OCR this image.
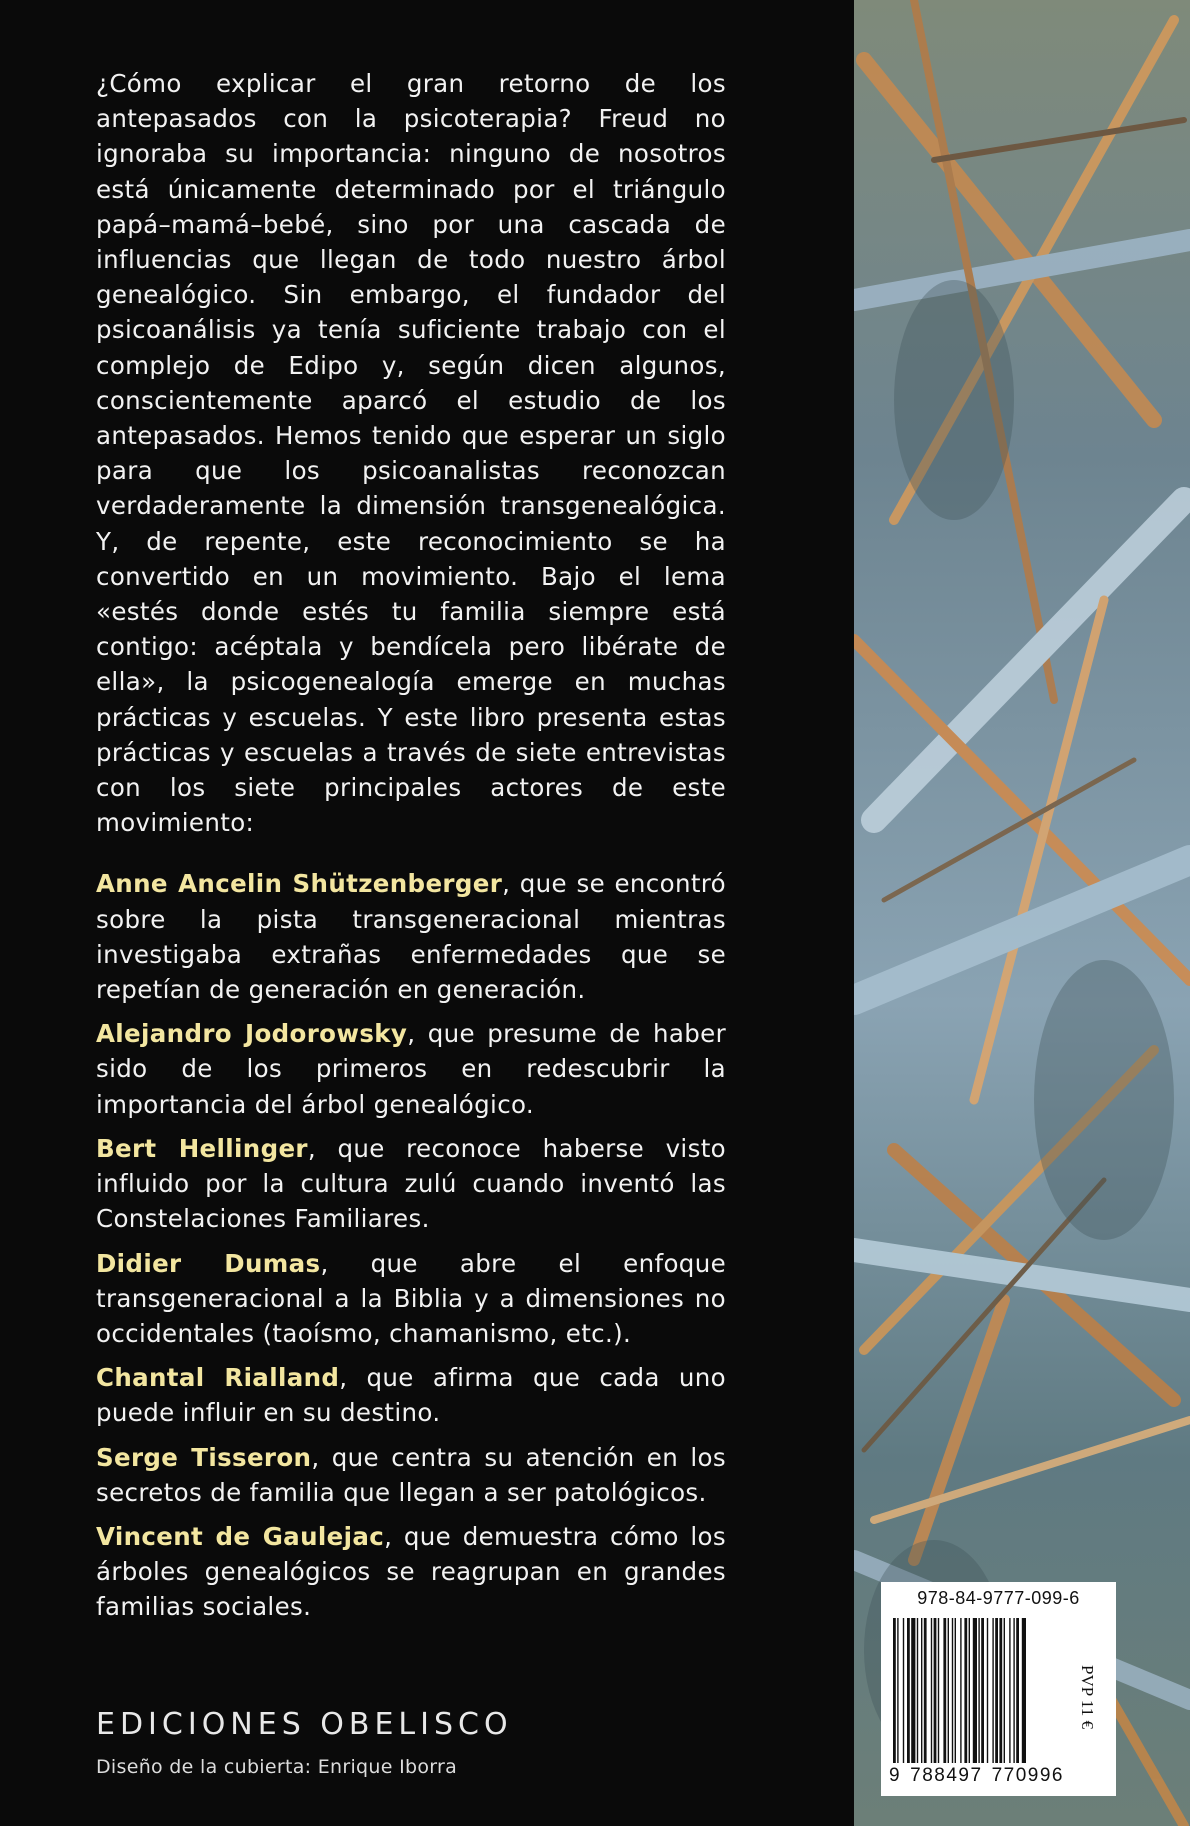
¿Cómo explicar el gran retorno de los antepasados con la psicoterapia? Freud no ignoraba su importancia: ninguno de nosotros está únicamente determinado por el triángulo papá–mamá–bebé, sino por una cascada de influencias que llegan de todo nuestro árbol genealógico. Sin embargo, el fundador del psicoanálisis ya tenía suficiente trabajo con el complejo de Edipo y, según dicen algunos, conscientemente aparcó el estudio de los antepasados. Hemos tenido que esperar un siglo para que los psicoanalistas reconozcan verdaderamente la dimensión transgenealógica. Y, de repente, este reconocimiento se ha convertido en un movimiento. Bajo el lema «estés donde estés tu familia siempre está contigo: acéptala y bendícela pero libérate de ella», la psicogenealogía emerge en muchas prácticas y escuelas. Y este libro presenta estas prácticas y escuelas a través de siete entrevistas con los siete principales actores de este movimiento:

Anne Ancelin Shützenberger, que se encontró sobre la pista transgeneracional mientras investigaba extrañas enfermedades que se repetían de generación en generación.

Alejandro Jodorowsky, que presume de haber sido de los primeros en redescubrir la importancia del árbol genealógico.

Bert Hellinger, que reconoce haberse visto influido por la cultura zulú cuando inventó las Constelaciones Familiares.

Didier Dumas, que abre el enfoque transgeneracional a la Biblia y a dimensiones no occidentales (taoísmo, chamanismo, etc.).

Chantal Rialland, que afirma que cada uno puede influir en su destino.

Serge Tisseron, que centra su atención en los secretos de familia que llegan a ser patológicos.

Vincent de Gaulejac, que demuestra cómo los árboles genealógicos se reagrupan en grandes familias sociales.

EDICIONES OBELISCO
Diseño de la cubierta: Enrique Iborra
978-84-9777-099-6
9 788497 770996
PVP 11 €
